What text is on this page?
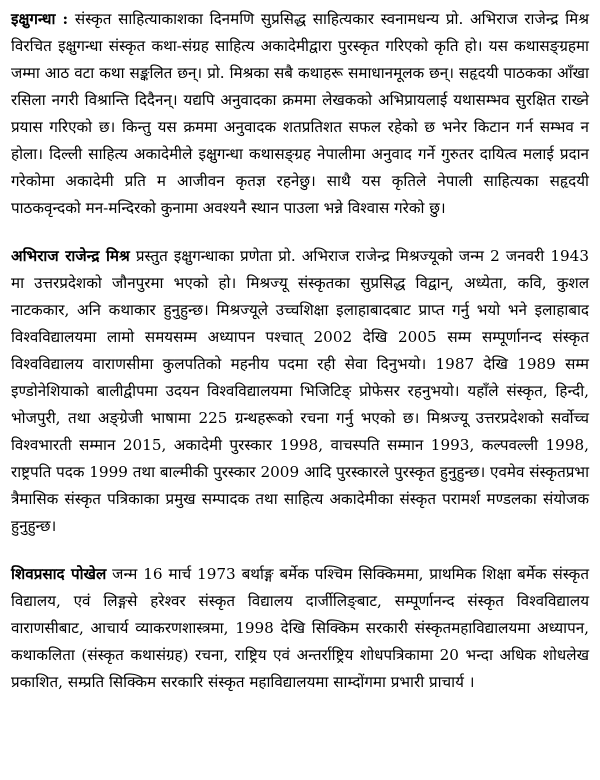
इक्षुगन्धा : संस्कृत साहित्याकाशका दिनमणि सुप्रसिद्ध साहित्यकार स्वनामधन्य प्रो. अभिराज राजेन्द्र मिश्र विरचित इक्षुगन्धा संस्कृत कथा-संग्रह साहित्य अकादेमीद्वारा पुरस्कृत गरिएको कृति हो। यस कथासङ्ग्रहमा जम्मा आठ वटा कथा सङ्कलित छन्। प्रो. मिश्रका सबै कथाहरू समाधानमूलक छन्। सहृदयी पाठकका आँखा रसिला नगरी विश्रान्ति दिदैनन्। यद्यपि अनुवादका क्रममा लेखकको अभिप्रायलाई यथासम्भव सुरक्षित राख्ने प्रयास गरिएको छ। किन्तु यस क्रममा अनुवादक शतप्रतिशत सफल रहेको छ भनेर किटान गर्न सम्भव न होला। दिल्ली साहित्य अकादेमीले इक्षुगन्धा कथासङ्ग्रह नेपालीमा अनुवाद गर्ने गुरुतर दायित्व मलाई प्रदान गरेकोमा अकादेमी प्रति म आजीवन कृतज्ञ रहनेछु। साथै यस कृतिले नेपाली साहित्यका सहृदयी पाठकवृन्दको मन-मन्दिरको कुनामा अवश्यनै स्थान पाउला भन्ने विश्वास गरेको छु।

अभिराज राजेन्द्र मिश्र प्रस्तुत इक्षुगन्धाका प्रणेता प्रो. अभिराज राजेन्द्र मिश्रज्यूको जन्म 2 जनवरी 1943 मा उत्तरप्रदेशको जौनपुरमा भएको हो। मिश्रज्यू संस्कृतका सुप्रसिद्ध विद्वान्, अध्येता, कवि, कुशल नाटककार, अनि कथाकार हुनुहुन्छ। मिश्रज्यूले उच्चशिक्षा इलाहाबादबाट प्राप्त गर्नु भयो भने इलाहाबाद विश्वविद्यालयमा लामो समयसम्म अध्यापन पश्चात् 2002 देखि 2005 सम्म सम्पूर्णानन्द संस्कृत विश्वविद्यालय वाराणसीमा कुलपतिको महनीय पदमा रही सेवा दिनुभयो। 1987 देखि 1989 सम्म इण्डोनेशियाको बालीद्वीपमा उदयन विश्वविद्यालयमा भिजिटिङ् प्रोफेसर रहनुभयो। यहाँले संस्कृत, हिन्दी, भोजपुरी, तथा अङ्ग्रेजी भाषामा 225 ग्रन्थहरूको रचना गर्नु भएको छ। मिश्रज्यू उत्तरप्रदेशको सर्वोच्च विश्वभारती सम्मान 2015, अकादेमी पुरस्कार 1998, वाचस्पति सम्मान 1993, कल्पवल्ली 1998, राष्ट्रपति पदक 1999 तथा बाल्मीकी पुरस्कार 2009 आदि पुरस्कारले पुरस्कृत हुनुहुन्छ। एवमेव संस्कृतप्रभा त्रैमासिक संस्कृत पत्रिकाका प्रमुख सम्पादक तथा साहित्य अकादेमीका संस्कृत परामर्श मण्डलका संयोजक हुनुहुन्छ।

शिवप्रसाद पोखेल जन्म 16 मार्च 1973 बर्थाङ्ग बर्मेक पश्चिम सिक्किममा, प्राथमिक शिक्षा बर्मेक संस्कृत विद्यालय, एवं लिङ्गसे हरेश्वर संस्कृत विद्यालय दार्जीलिङ्बाट, सम्पूर्णानन्द संस्कृत विश्वविद्यालय वाराणसीबाट, आचार्य व्याकरणशास्त्रमा, 1998 देखि सिक्किम सरकारी संस्कृतमहाविद्यालयमा अध्यापन, कथाकलिता (संस्कृत कथासंग्रह) रचना, राष्ट्रिय एवं अन्तर्राष्ट्रिय शोधपत्रिकामा 20 भन्दा अधिक शोधलेख प्रकाशित, सम्प्रति सिक्किम सरकारि संस्कृत महाविद्यालयमा साम्दोंगमा प्रभारी प्राचार्य ।
